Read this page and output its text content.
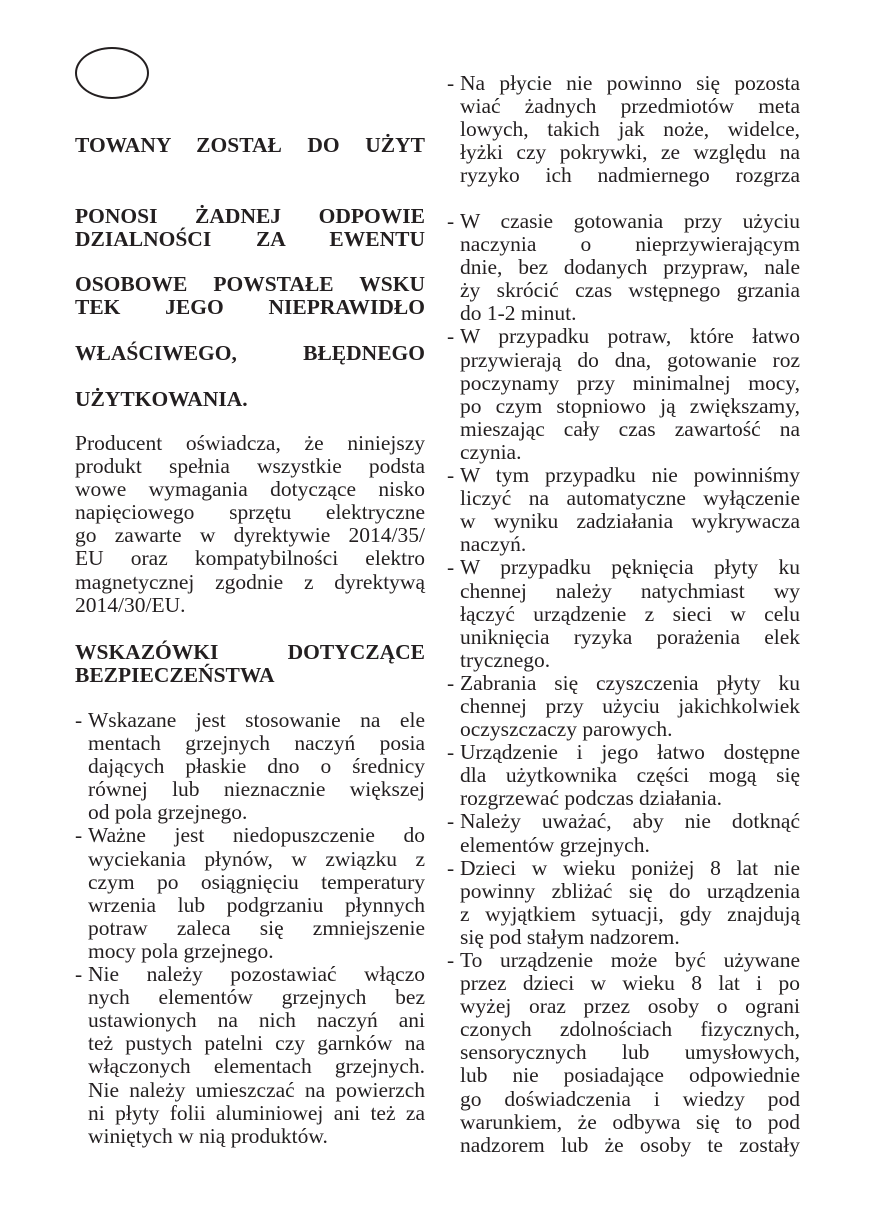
TOWANY ZOSTAŁ DO UŻYT
PONOSI ŻADNEJ ODPOWIE
DZIALNOŚCI ZA EWENTU
OSOBOWE POWSTAŁE WSKU
TEK JEGO NIEPRAWIDŁO
WŁAŚCIWEGO, BŁĘDNEGO
UŻYTKOWANIA.
Producent oświadcza, że niniejszy
produkt spełnia wszystkie podsta
wowe wymagania dotyczące nisko
napięciowego sprzętu elektryczne
go zawarte w dyrektywie 2014/35/
EU oraz kompatybilności elektro
magnetycznej zgodnie z dyrektywą
2014/30/EU.
WSKAZÓWKI DOTYCZĄCE
BEZPIECZEŃSTWA
- Wskazane jest stosowanie na ele
mentach grzejnych naczyń posia
dających płaskie dno o średnicy
równej lub nieznacznie większej
od pola grzejnego.
- Ważne jest niedopuszczenie do
wyciekania płynów, w związku z
czym po osiągnięciu temperatury
wrzenia lub podgrzaniu płynnych
potraw zaleca się zmniejszenie
mocy pola grzejnego.
- Nie należy pozostawiać włączo
nych elementów grzejnych bez
ustawionych na nich naczyń ani
też pustych patelni czy garnków na
włączonych elementach grzejnych.
Nie należy umieszczać na powierzch
ni płyty folii aluminiowej ani też za
winiętych w nią produktów.
- Na płycie nie powinno się pozosta
wiać żadnych przedmiotów meta
lowych, takich jak noże, widelce,
łyżki czy pokrywki, ze względu na
ryzyko ich nadmiernego rozgrza
- W czasie gotowania przy użyciu
naczynia o nieprzywierającym
dnie, bez dodanych przypraw, nale
ży skrócić czas wstępnego grzania
do 1-2 minut.
- W przypadku potraw, które łatwo
przywierają do dna, gotowanie roz
poczynamy przy minimalnej mocy,
po czym stopniowo ją zwiększamy,
mieszając cały czas zawartość na
czynia.
- W tym przypadku nie powinniśmy
liczyć na automatyczne wyłączenie
w wyniku zadziałania wykrywacza
naczyń.
- W przypadku pęknięcia płyty ku
chennej należy natychmiast wy
łączyć urządzenie z sieci w celu
uniknięcia ryzyka porażenia elek
trycznego.
- Zabrania się czyszczenia płyty ku
chennej przy użyciu jakichkolwiek
oczyszczaczy parowych.
- Urządzenie i jego łatwo dostępne
dla użytkownika części mogą się
rozgrzewać podczas działania.
- Należy uważać, aby nie dotknąć
elementów grzejnych.
- Dzieci w wieku poniżej 8 lat nie
powinny zbliżać się do urządzenia
z wyjątkiem sytuacji, gdy znajdują
się pod stałym nadzorem.
- To urządzenie może być używane
przez dzieci w wieku 8 lat i po
wyżej oraz przez osoby o ograni
czonych zdolnościach fizycznych,
sensorycznych lub umysłowych,
lub nie posiadające odpowiednie
go doświadczenia i wiedzy pod
warunkiem, że odbywa się to pod
nadzorem lub że osoby te zostały
